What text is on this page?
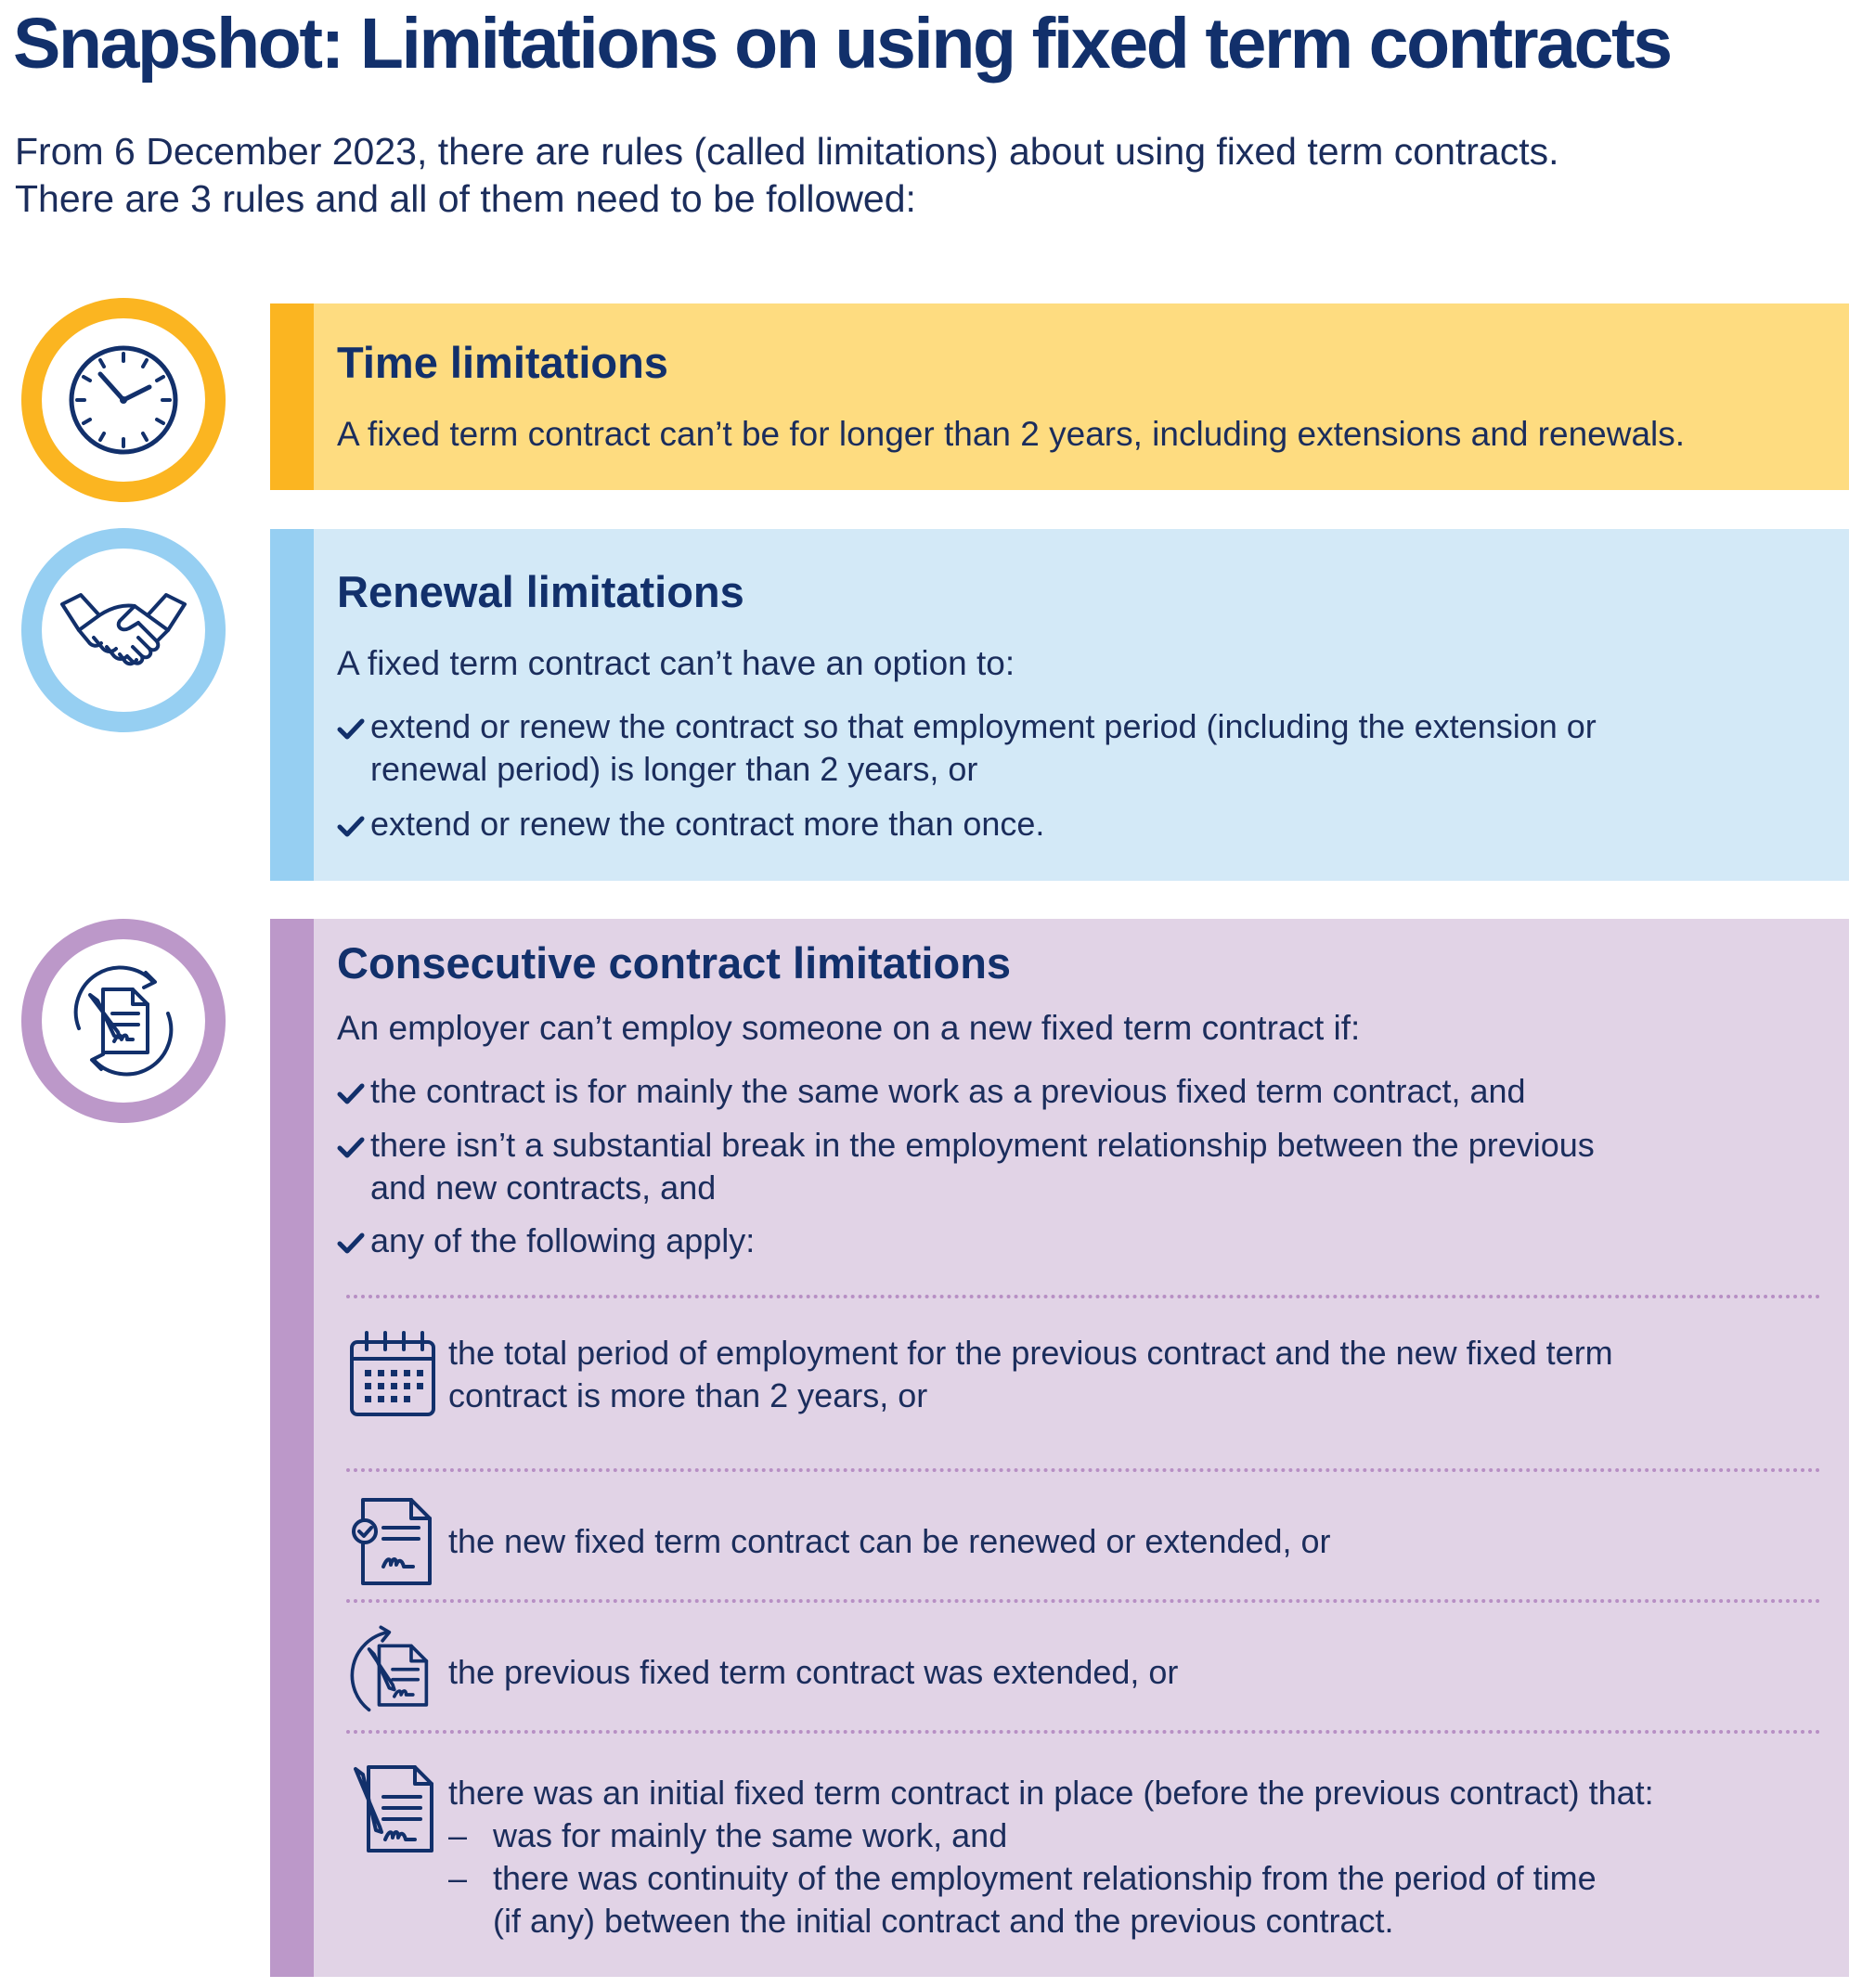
Snapshot: Limitations on using fixed term contracts
From 6 December 2023, there are rules (called limitations) about using fixed term contracts.
There are 3 rules and all of them need to be followed:
Time limitations
A fixed term contract can’t be for longer than 2 years, including extensions and renewals.
Renewal limitations
A fixed term contract can’t have an option to:
extend or renew the contract so that employment period (including the extension or
renewal period) is longer than 2 years, or
extend or renew the contract more than once.
Consecutive contract limitations
An employer can’t employ someone on a new fixed term contract if:
the contract is for mainly the same work as a previous fixed term contract, and
there isn’t a substantial break in the employment relationship between the previous
and new contracts, and
any of the following apply:
the total period of employment for the previous contract and the new fixed term
contract is more than 2 years, or
the new fixed term contract can be renewed or extended, or
the previous fixed term contract was extended, or
there was an initial fixed term contract in place (before the previous contract) that:
– was for mainly the same work, and
– there was continuity of the employment relationship from the period of time
(if any) between the initial contract and the previous contract.
